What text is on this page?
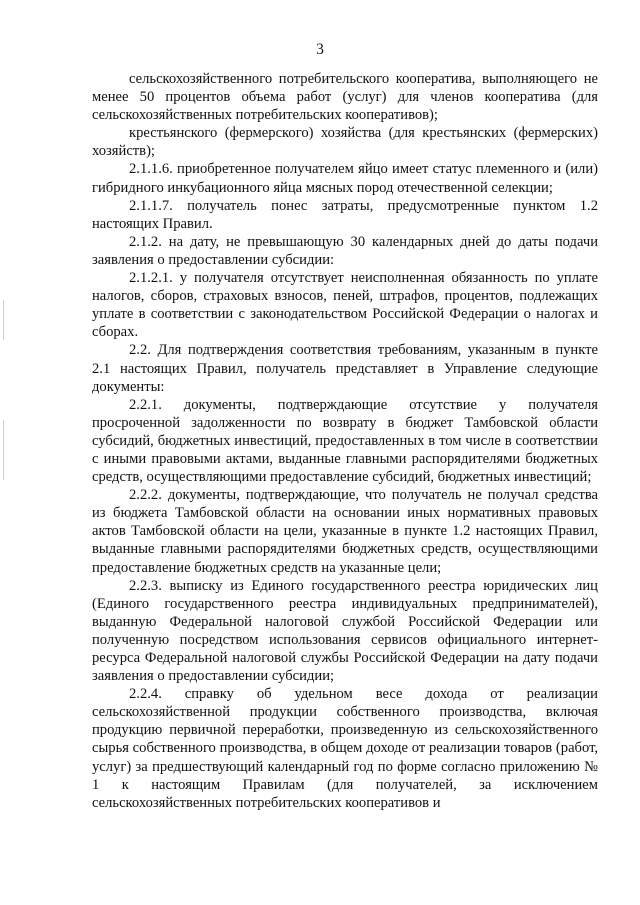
3

сельскохозяйственного потребительского кооператива, выполняющего не менее 50 процентов объема работ (услуг) для членов кооператива (для сельскохозяйственных потребительских кооперативов);

крестьянского (фермерского) хозяйства (для крестьянских (фермерских) хозяйств);

2.1.1.6. приобретенное получателем яйцо имеет статус племенного и (или) гибридного инкубационного яйца мясных пород отечественной селекции;

2.1.1.7. получатель понес затраты, предусмотренные пунктом 1.2 настоящих Правил.

2.1.2. на дату, не превышающую 30 календарных дней до даты подачи заявления о предоставлении субсидии:

2.1.2.1. у получателя отсутствует неисполненная обязанность по уплате налогов, сборов, страховых взносов, пеней, штрафов, процентов, подлежащих уплате в соответствии с законодательством Российской Федерации о налогах и сборах.

2.2. Для подтверждения соответствия требованиям, указанным в пункте 2.1 настоящих Правил, получатель представляет в Управление следующие документы:

2.2.1. документы, подтверждающие отсутствие у получателя просроченной задолженности по возврату в бюджет Тамбовской области субсидий, бюджетных инвестиций, предоставленных в том числе в соответствии с иными правовыми актами, выданные главными распорядителями бюджетных средств, осуществляющими предоставление субсидий, бюджетных инвестиций;

2.2.2. документы, подтверждающие, что получатель не получал средства из бюджета Тамбовской области на основании иных нормативных правовых актов Тамбовской области на цели, указанные в пункте 1.2 настоящих Правил, выданные главными распорядителями бюджетных средств, осуществляющими предоставление бюджетных средств на указанные цели;

2.2.3. выписку из Единого государственного реестра юридических лиц (Единого государственного реестра индивидуальных предпринимателей), выданную Федеральной налоговой службой Российской Федерации или полученную посредством использования сервисов официального интернет-ресурса Федеральной налоговой службы Российской Федерации на дату подачи заявления о предоставлении субсидии;

2.2.4. справку об удельном весе дохода от реализации сельскохозяйственной продукции собственного производства, включая продукцию первичной переработки, произведенную из сельскохозяйственного сырья собственного производства, в общем доходе от реализации товаров (работ, услуг) за предшествующий календарный год по форме согласно приложению № 1 к настоящим Правилам (для получателей, за исключением сельскохозяйственных потребительских кооперативов и
